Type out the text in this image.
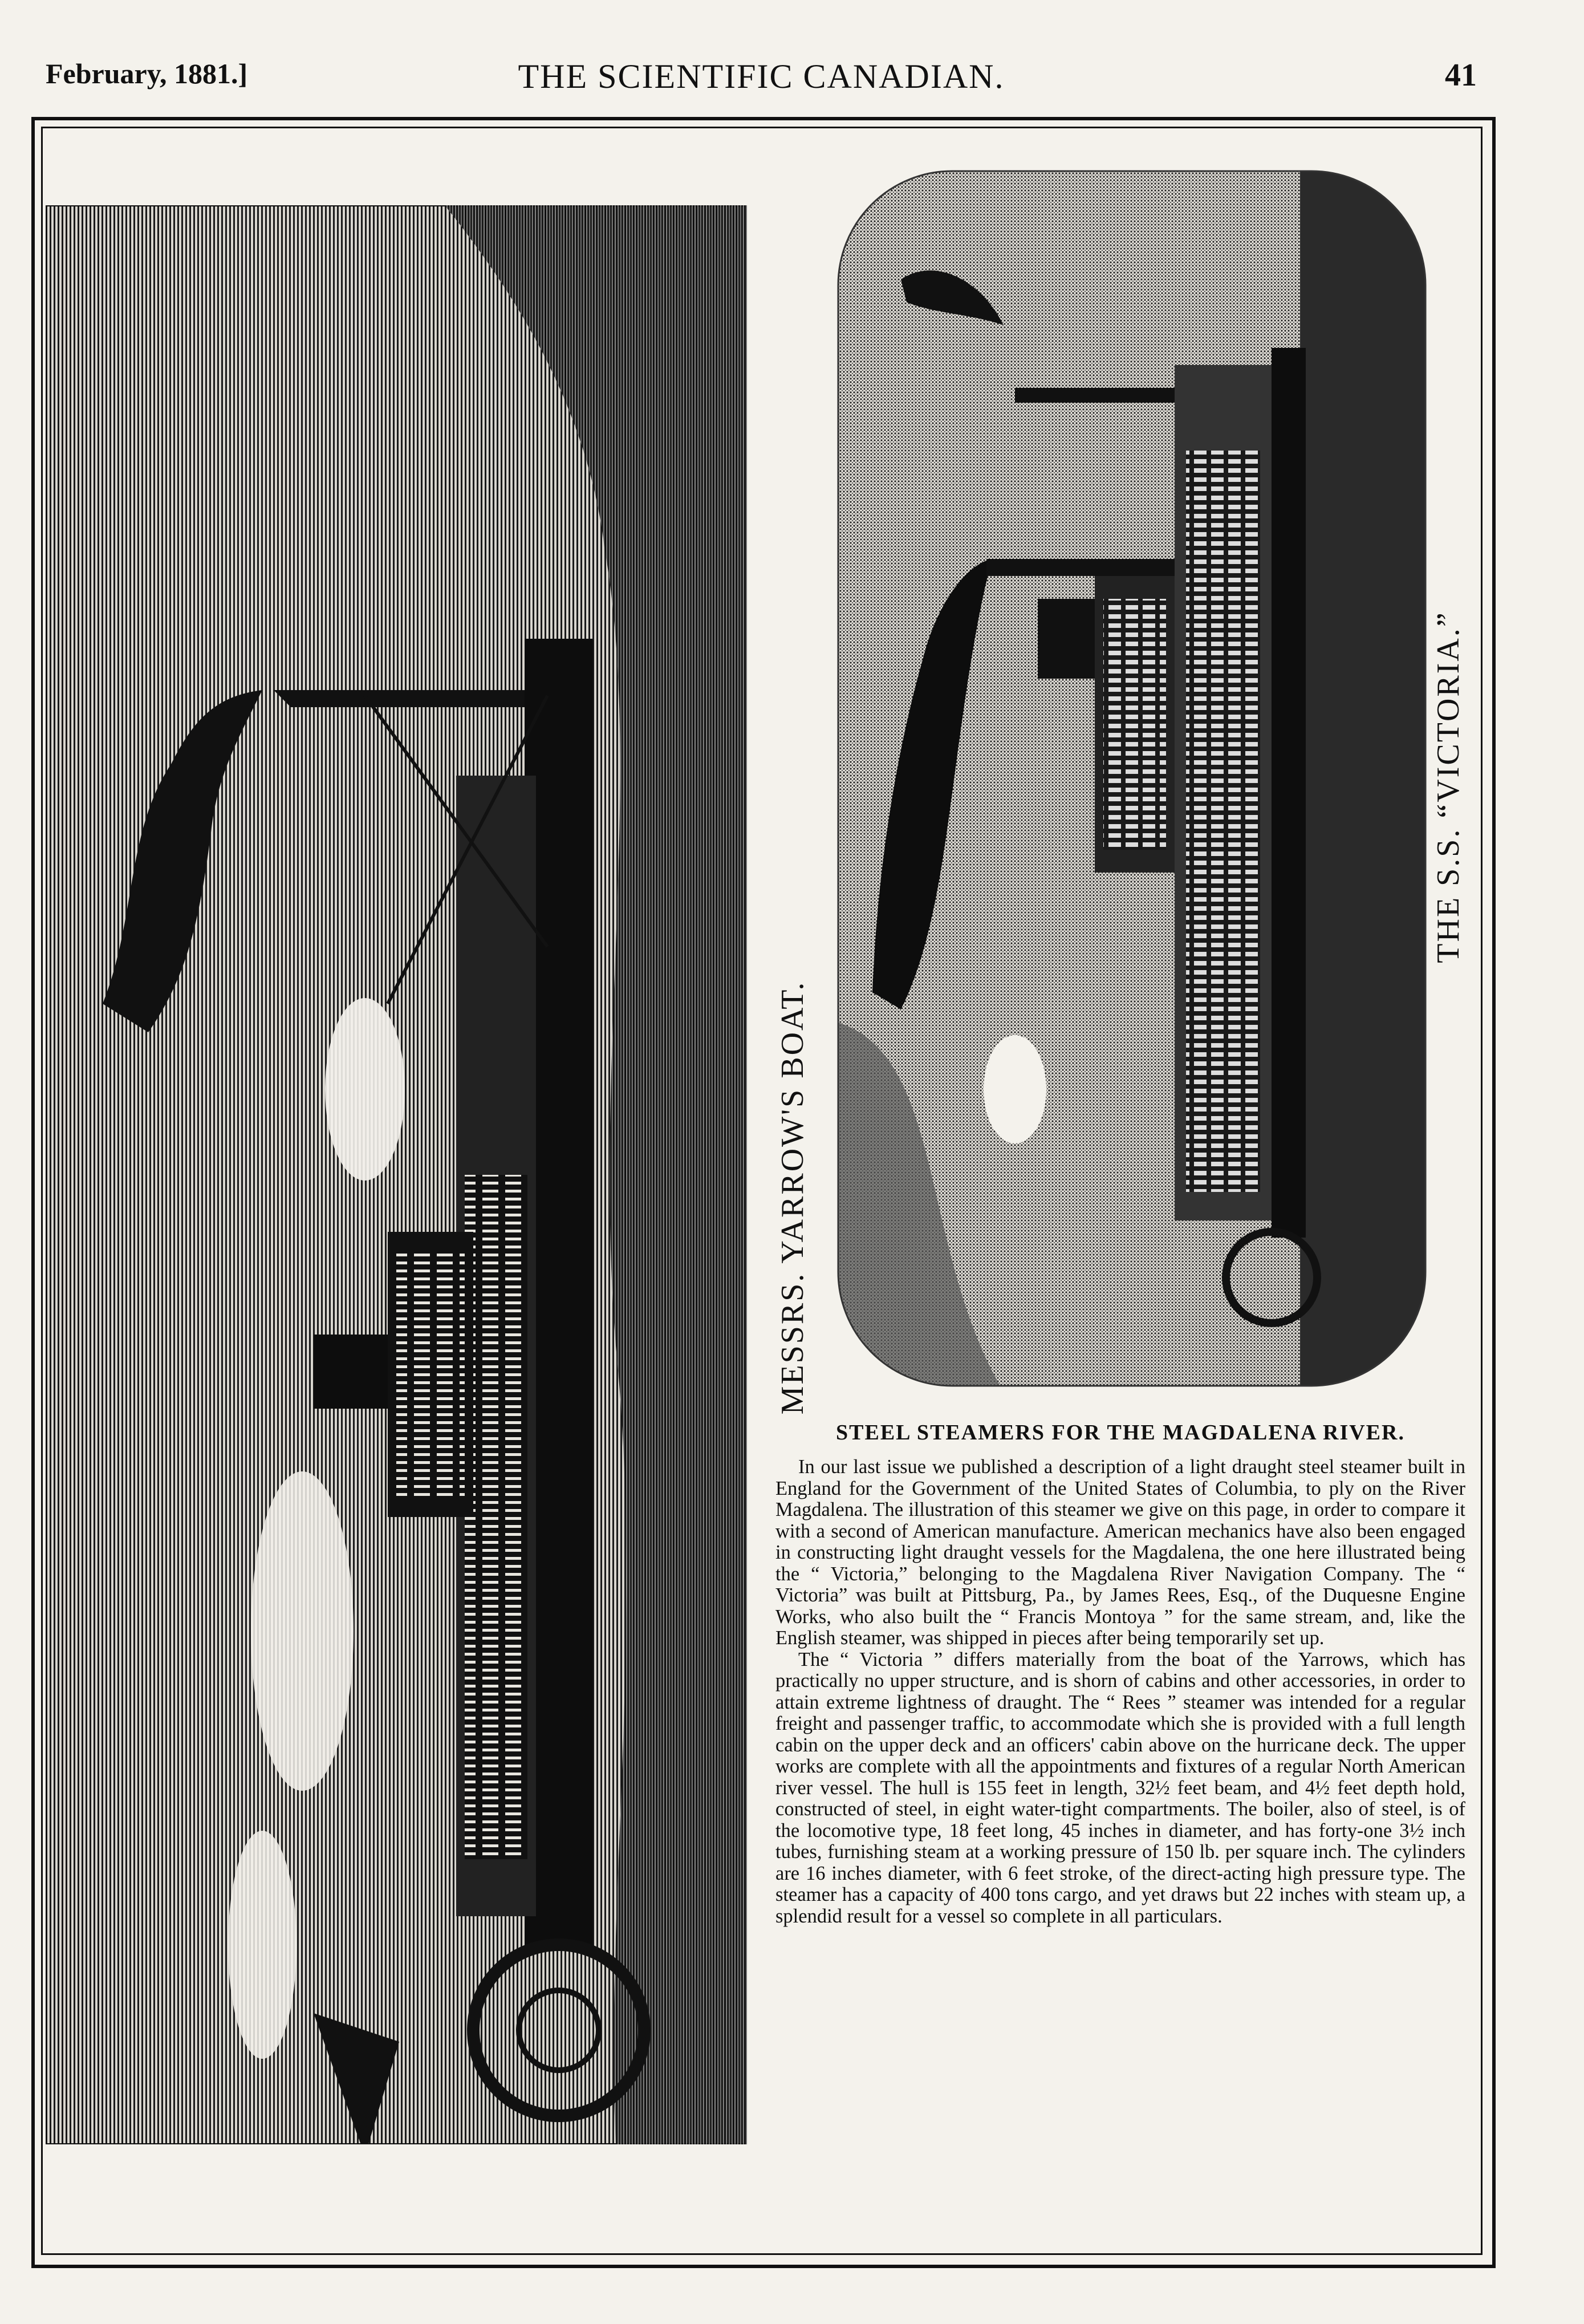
February, 1881.]	THE SCIENTIFIC CANADIAN.	41
MESSRS. YARROW'S BOAT.
THE S.S. “VICTORIA.”
STEEL STEAMERS FOR THE MAGDALENA RIVER.

In our last issue we published a description of a light draught steel steamer built in England for the Government of the United States of Columbia, to ply on the River Magdalena. The illustration of this steamer we give on this page, in order to compare it with a second of American manufacture. American mechanics have also been engaged in constructing light draught vessels for the Magdalena, the one here illustrated being the “ Victoria,” belonging to the Magdalena River Navigation Company. The “ Victoria” was built at Pittsburg, Pa., by James Rees, Esq., of the Duquesne Engine Works, who also built the “ Francis Montoya ” for the same stream, and, like the English steamer, was shipped in pieces after being temporarily set up.

The “ Victoria ” differs materially from the boat of the Yarrows, which has practically no upper structure, and is shorn of cabins and other accessories, in order to attain extreme lightness of draught. The “ Rees ” steamer was intended for a regular freight and passenger traffic, to accommodate which she is provided with a full length cabin on the upper deck and an officers' cabin above on the hurricane deck. The upper works are complete with all the appointments and fixtures of a regular North American river vessel. The hull is 155 feet in length, 32½ feet beam, and 4½ feet depth hold, constructed of steel, in eight water-tight compartments. The boiler, also of steel, is of the locomotive type, 18 feet long, 45 inches in diameter, and has forty-one 3½ inch tubes, furnishing steam at a working pressure of 150 lb. per square inch. The cylinders are 16 inches diameter, with 6 feet stroke, of the direct-acting high pressure type. The steamer has a capacity of 400 tons cargo, and yet draws but 22 inches with steam up, a splendid result for a vessel so complete in all particulars.
